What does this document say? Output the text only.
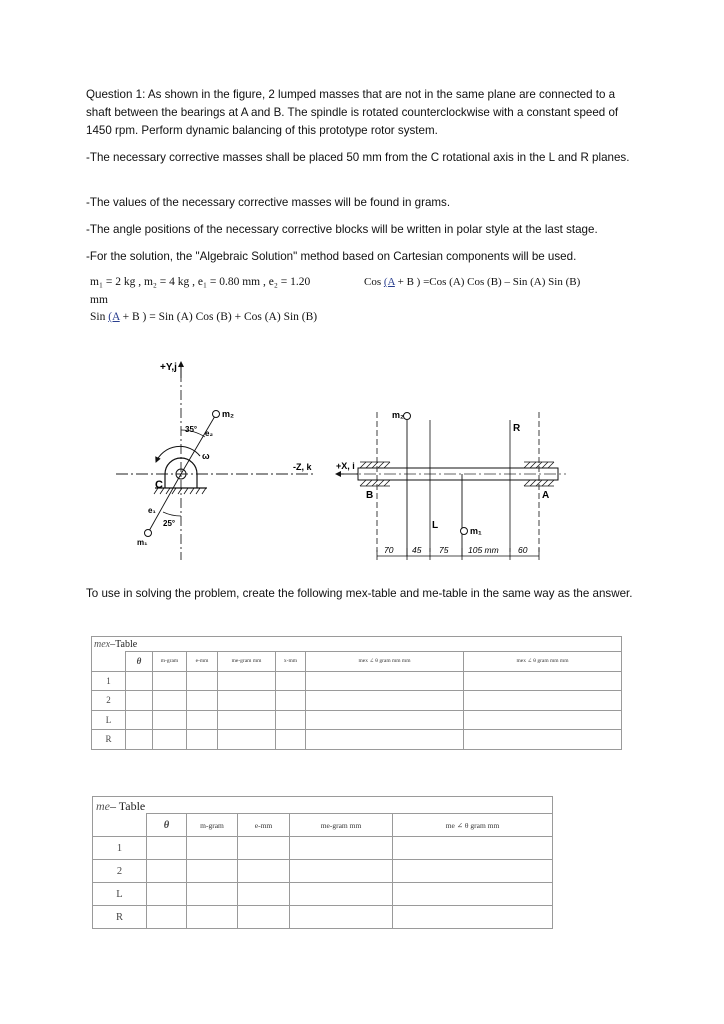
Question 1: As shown in the figure, 2 lumped masses that are not in the same plane are connected to a shaft between the bearings at A and B. The spindle is rotated counterclockwise with a constant speed of 1450 rpm. Perform dynamic balancing of this prototype rotor system.

-The necessary corrective masses shall be placed 50 mm from the C rotational axis in the L and R planes.

-The values of the necessary corrective masses will be found in grams.

-The angle positions of the necessary corrective blocks will be written in polar style at the last stage.

-For the solution, the "Algebraic Solution" method based on Cartesian components will be used.

m₁ = 2 kg , m₂ = 4 kg , e₁ = 0.80 mm , e₂ = 1.20	Cos (A + B ) =Cos (A) Cos (B) – Sin (A) Sin (B)
mm
Sin (A + B ) = Sin (A) Cos (B) + Cos (A) Sin (B)
+Y,j
-Z, k
m₂
m₁
e₂
e₁
35°
25°
ω
C
+X, i
m₂
m₁
B	A
L
R
70 45 75 105 mm 60

To use in solving the problem, create the following mex-table and me-table in the same way as the answer.

mex–Table

	θ	m-gram	e-mm	me-gram mm	x-mm	mex ∠ θ gram mm mm	mex ∠ θ gram mm mm
1							
2							
L							
R							
me– Table

	θ	m-gram	e-mm	me-gram mm	me ∠ θ gram mm
1					
2					
L					
R					
